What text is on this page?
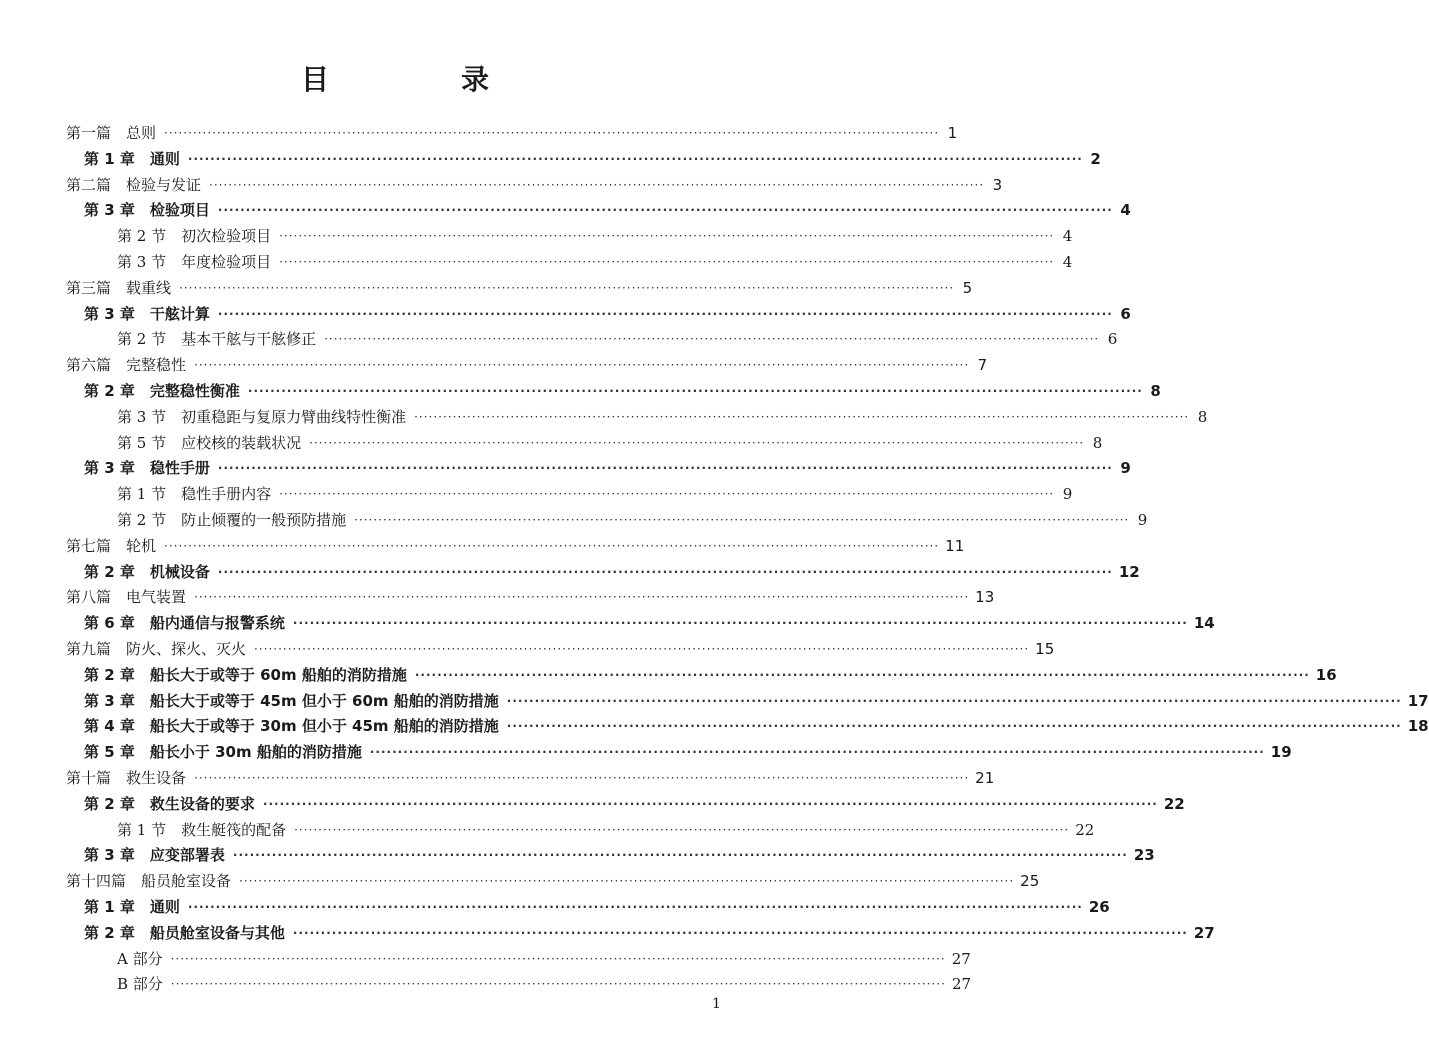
目　录
第一篇　总则 ································································································································································· 1
第 1 章　通则 ································································································································································· 2
第二篇　检验与发证 ································································································································································· 3
第 3 章　检验项目 ································································································································································· 4
第 2 节　初次检验项目 ································································································································································· 4
第 3 节　年度检验项目 ································································································································································· 4
第三篇　载重线 ································································································································································· 5
第 3 章　干舷计算 ································································································································································· 6
第 2 节　基本干舷与干舷修正 ································································································································································· 6
第六篇　完整稳性 ································································································································································· 7
第 2 章　完整稳性衡准 ································································································································································· 8
第 3 节　初重稳距与复原力臂曲线特性衡准 ································································································································································· 8
第 5 节　应校核的装载状况 ································································································································································· 8
第 3 章　稳性手册 ································································································································································· 9
第 1 节　稳性手册内容 ································································································································································· 9
第 2 节　防止倾覆的一般预防措施 ································································································································································· 9
第七篇　轮机 ································································································································································· 11
第 2 章　机械设备 ································································································································································· 12
第八篇　电气装置 ································································································································································· 13
第 6 章　船内通信与报警系统 ································································································································································· 14
第九篇　防火、探火、灭火 ································································································································································· 15
第 2 章　船长大于或等于 60m 船舶的消防措施 ································································································································································· 16
第 3 章　船长大于或等于 45m 但小于 60m 船舶的消防措施 ································································································································································· 17
第 4 章　船长大于或等于 30m 但小于 45m 船舶的消防措施 ································································································································································· 18
第 5 章　船长小于 30m 船舶的消防措施 ································································································································································· 19
第十篇　救生设备 ································································································································································· 21
第 2 章　救生设备的要求 ································································································································································· 22
第 1 节　救生艇筏的配备 ································································································································································· 22
第 3 章　应变部署表 ································································································································································· 23
第十四篇　船员舱室设备 ································································································································································· 25
第 1 章　通则 ································································································································································· 26
第 2 章　船员舱室设备与其他 ································································································································································· 27
A 部分 ································································································································································· 27
B 部分 ································································································································································· 27
1
